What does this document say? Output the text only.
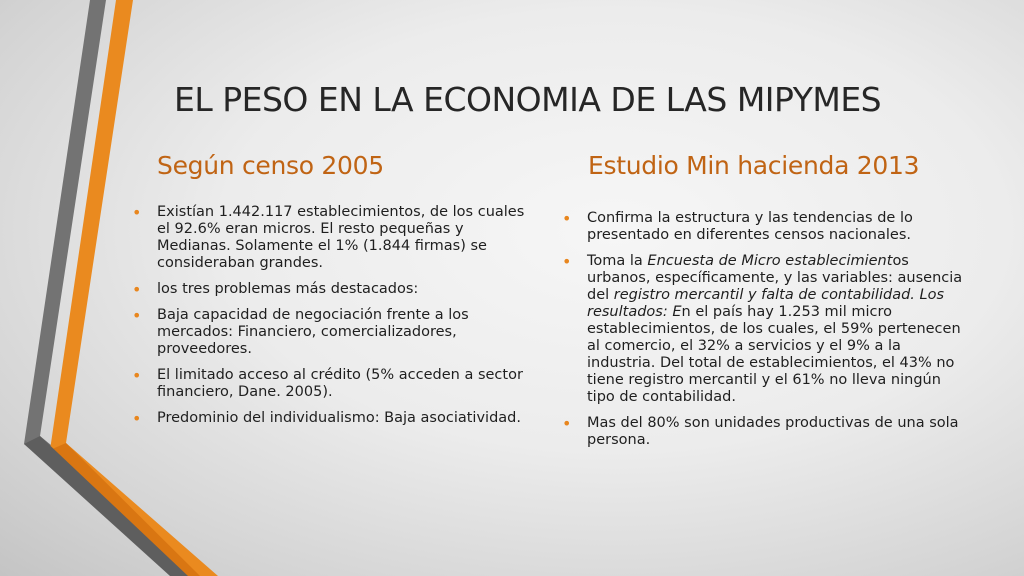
EL PESO EN LA ECONOMIA DE LAS MIPYMES
Según censo 2005	Estudio Min hacienda 2013
• Existían 1.442.117 establecimientos, de los cuales el 92.6% eran micros. El resto pequeñas y Medianas. Solamente el 1% (1.844 firmas) se consideraban grandes.
• los tres problemas más destacados:
• Baja capacidad de negociación frente a los mercados: Financiero, comercializadores, proveedores.
• El limitado acceso al crédito (5% acceden a sector financiero, Dane. 2005).
• Predominio del individualismo: Baja asociatividad.
• Confirma la estructura y las tendencias de lo presentado en diferentes censos nacionales.
• Toma la Encuesta de Micro establecimientos urbanos, específicamente, y las variables: ausencia del registro mercantil y falta de contabilidad. Los resultados: En el país hay 1.253 mil micro establecimientos, de los cuales, el 59% pertenecen al comercio, el 32% a servicios y el 9% a la industria. Del total de establecimientos, el 43% no tiene registro mercantil y el 61% no lleva ningún tipo de contabilidad.
• Mas del 80% son unidades productivas de una sola persona.
